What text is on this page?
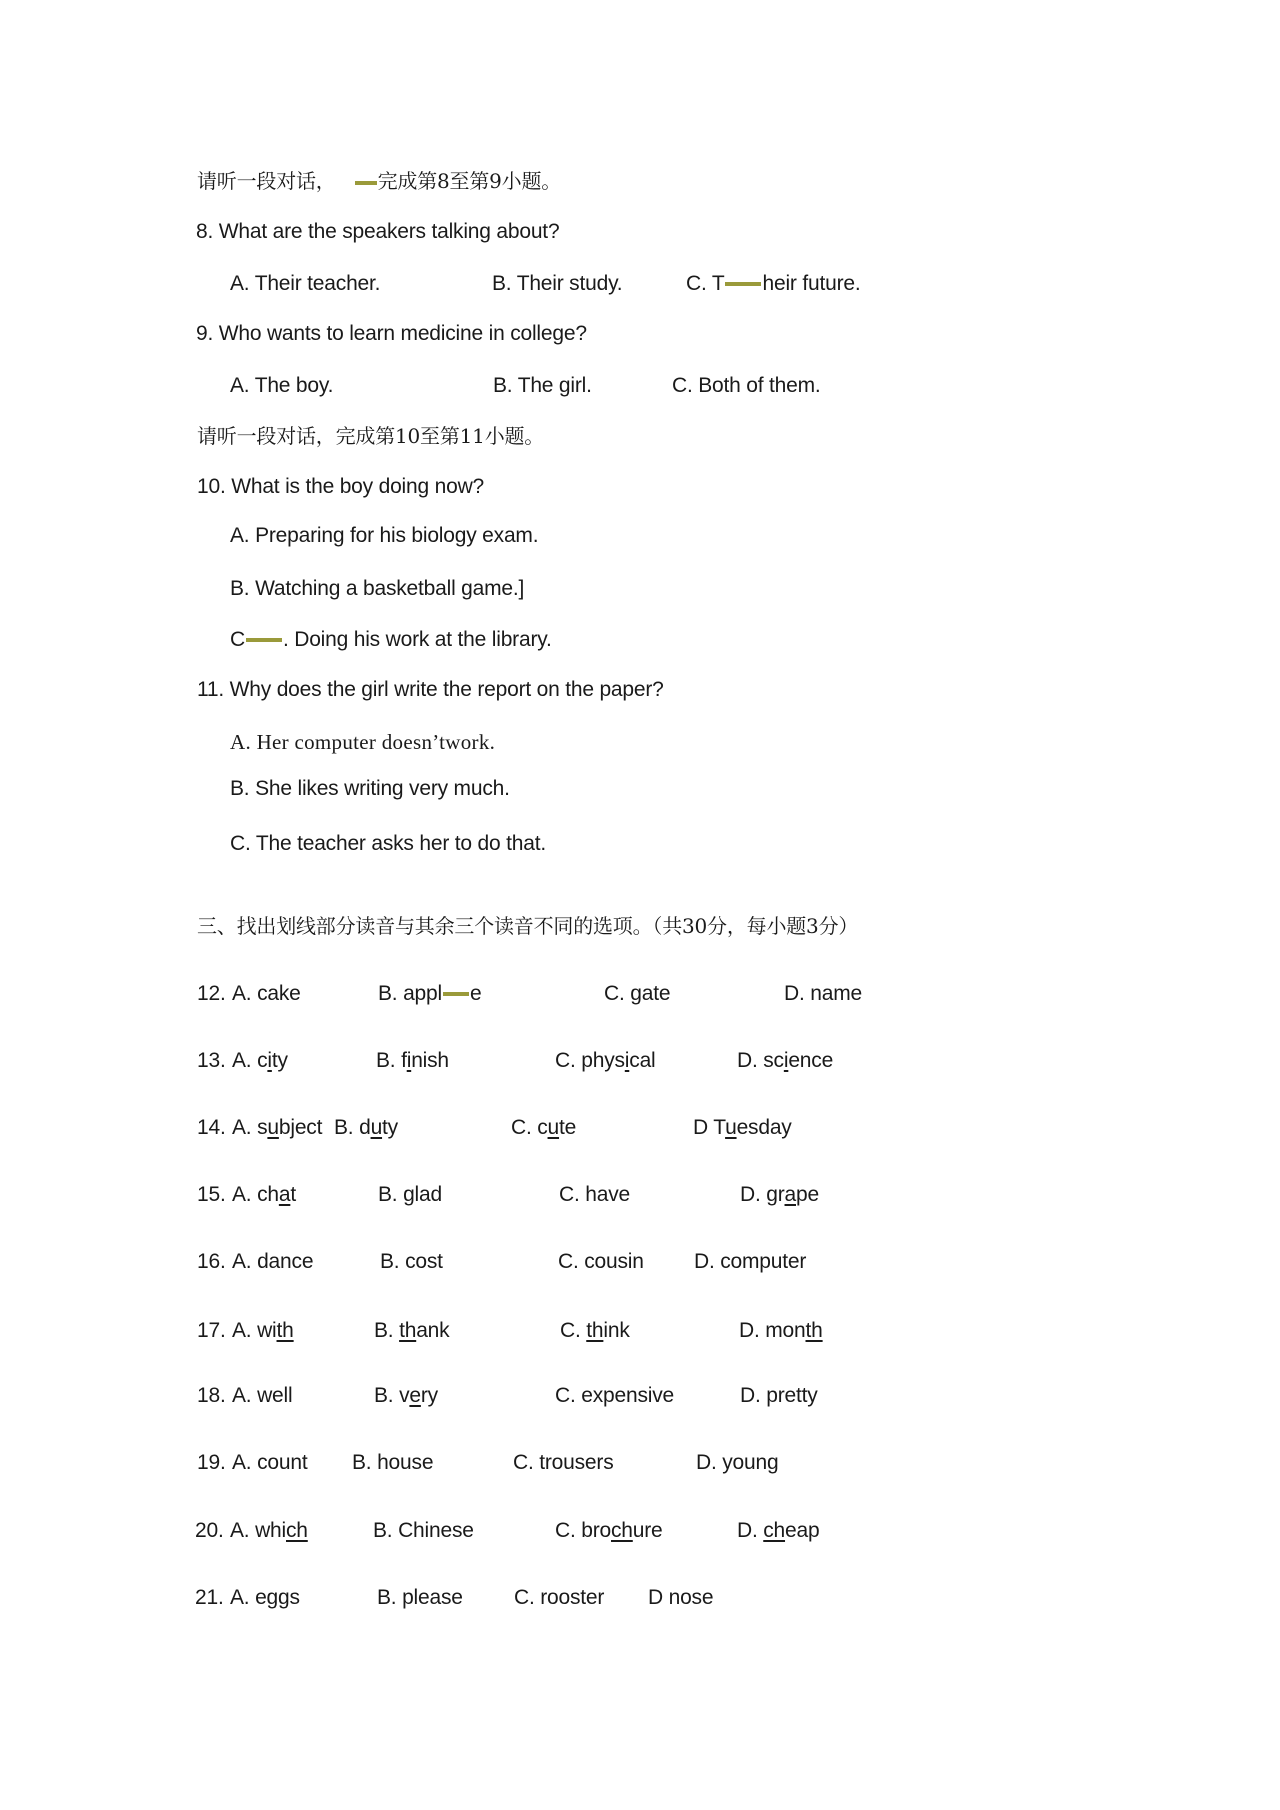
请听一段对话， 完成第8至第9小题。
8. What are the speakers talking about?
A. Their teacher.	B. Their study.	C. T heir future.
9. Who wants to learn medicine in college?
A. The boy.	B. The girl.	C. Both of them.
请听一段对话，完成第10至第11小题。
10. What is the boy doing now?
A. Preparing for his biology exam.
B. Watching a basketball game.]
C . Doing his work at the library.
11. Why does the girl write the report on the paper?
A. Her computer doesn’twork.
B. She likes writing very much.
C. The teacher asks her to do that.
三、找出划线部分读音与其余三个读音不同的选项。（共30分，每小题3分）
12. A. cake	B. appl e	C. gate	D. name
13. A. city	B. finish	C. physical	D. science
14. A. subject B. duty	C. cute	D Tuesday
15. A. chat	B. glad	C. have	D. grape
16. A. dance	B. cost	C. cousin D. computer
17. A. with	B. thank	C. think	D. month
18. A. well	B. very	C. expensive	D. pretty
19. A. count B. house	C. trousers	D. young
20. A. which	B. Chinese	C. brochure	D. cheap
21. A. eggs	B. please C. rooster D nose
